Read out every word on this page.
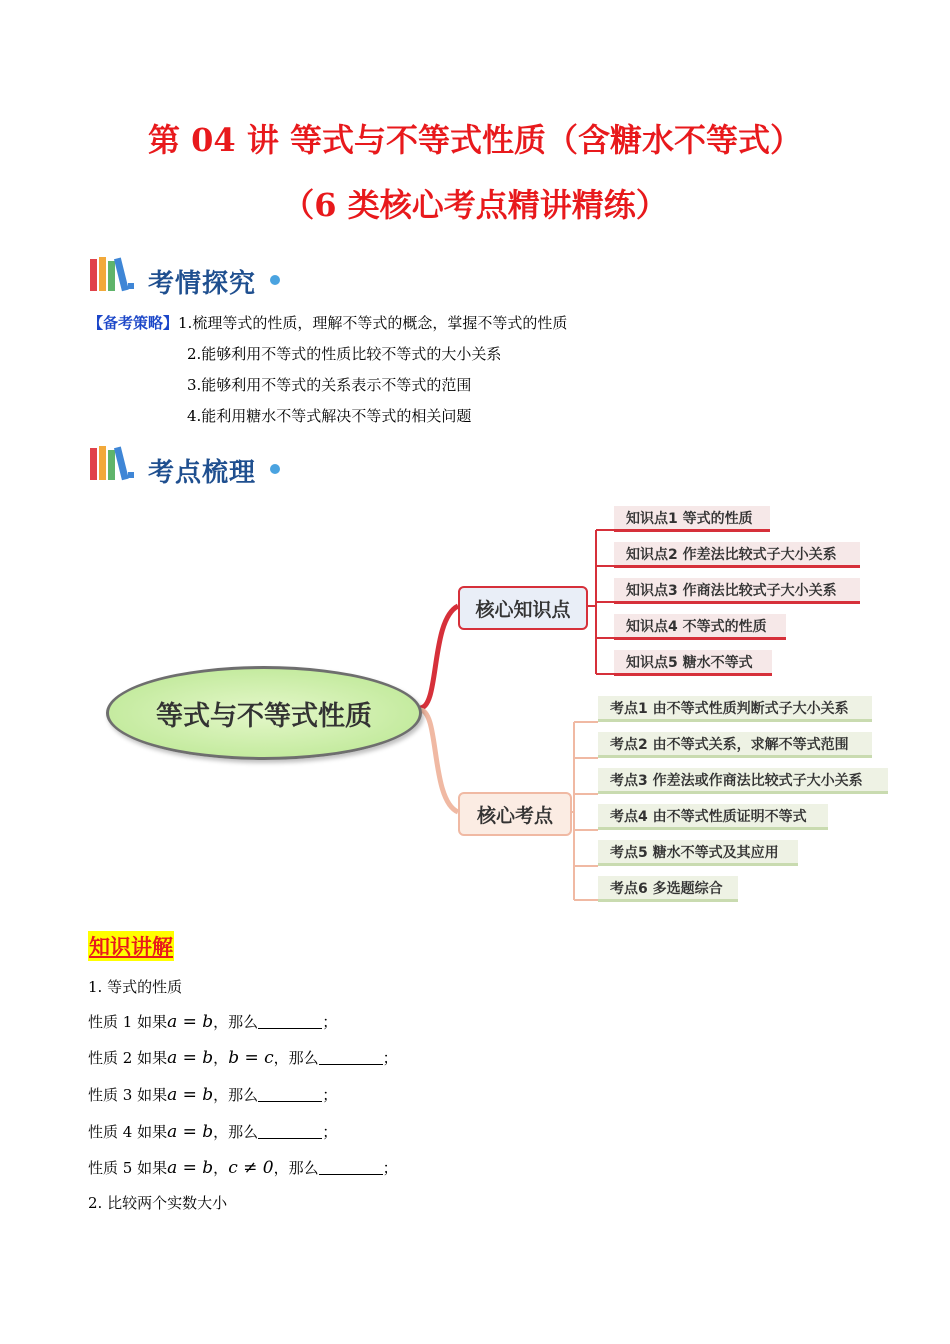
第 04 讲 等式与不等式性质（含糖水不等式）
（6 类核心考点精讲精练）
考情探究
【备考策略】1.梳理等式的性质，理解不等式的概念，掌握不等式的性质
2.能够利用不等式的性质比较不等式的大小关系
3.能够利用不等式的关系表示不等式的范围
4.能利用糖水不等式解决不等式的相关问题
考点梳理
等式与不等式性质
核心知识点
核心考点
知识点1 等式的性质
知识点2 作差法比较式子大小关系
知识点3 作商法比较式子大小关系
知识点4 不等式的性质
知识点5 糖水不等式
考点1 由不等式性质判断式子大小关系
考点2 由不等式关系，求解不等式范围
考点3 作差法或作商法比较式子大小关系
考点4 由不等式性质证明不等式
考点5 糖水不等式及其应用
考点6 多选题综合
知识讲解
1. 等式的性质
性质 1 如果a = b，那么	；
性质 2 如果a = b，b = c，那么	；
性质 3 如果a = b，那么	；
性质 4 如果a = b，那么	；
性质 5 如果a = b，c ≠ 0，那么	；
2. 比较两个实数大小
